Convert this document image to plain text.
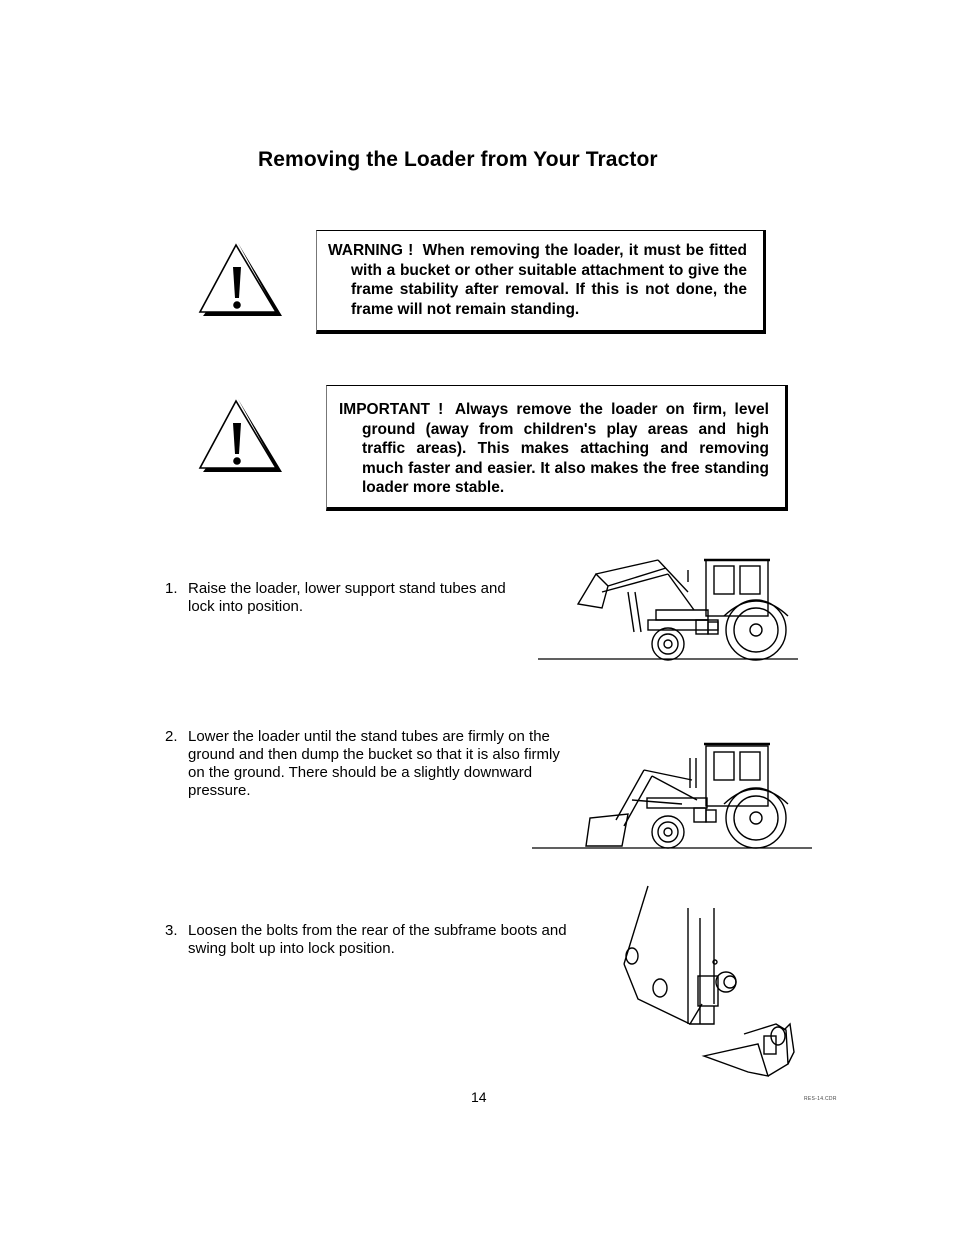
Removing the Loader from Your Tractor

WARNING ! When removing the loader, it must be fitted with a bucket or other suitable attachment to give the frame stability after removal. If this is not done, the frame will not remain standing.

IMPORTANT ! Always remove the loader on firm, level ground (away from children's play areas and high traffic areas). This makes attaching and removing much faster and easier. It also makes the free standing loader more stable.

1. Raise the loader, lower support stand tubes and
lock into position.
2. Lower the loader until the stand tubes are firmly on the
ground and then dump the bucket so that it is also firmly
on the ground. There should be a slightly downward
pressure.
3. Loosen the bolts from the rear of the subframe boots and
swing bolt up into lock position.
14	RES-14.CDR
